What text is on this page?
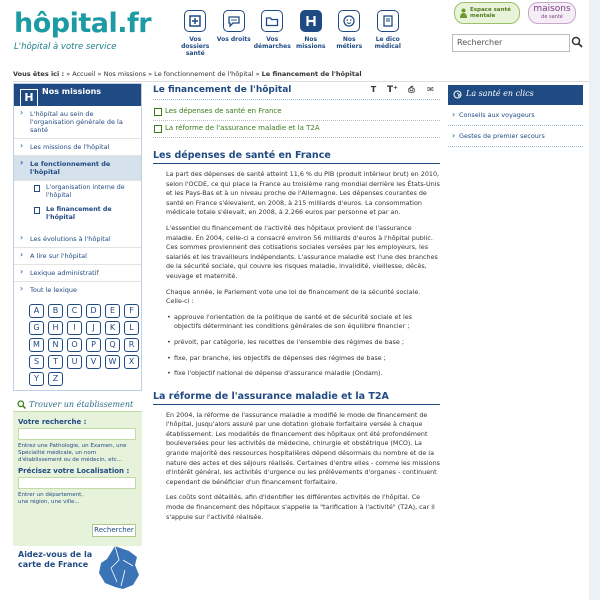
hôpital.fr
L'hôpital à votre service
Vos dossiers santé
Vos droits	Vos démarches
Nos missions
Nos métiers
Le dico médical
Espace santé mentale
maisons
de santé
Rechercher
Vous êtes ici : » Accueil » Nos missions » Le fonctionnement de l'hôpital » Le financement de l'hôpital
H	Nos missions
› L'hôpital au sein de l'organisation générale de la santé
› Les missions de l'hôpital
› Le fonctionnement de l'hôpital
L'organisation interne de l'hôpital
Le financement de l'hôpital
› Les évolutions à l'hôpital
› A lire sur l'hôpital
› Lexique administratif
› Tout le lexique
A	B	C	D	E	F
G	H	I	J	K	L
M	N	O	P	Q	R
S	T	U	V	W	X
Y	Z
Trouver un établissement
Votre recherche :
Entrez une Pathologie, un Examen, une Spécialité médicale, un nom d'établissement ou de médecin, etc...
Précisez votre Localisation :
Entrer un département, une région, une ville...
Rechercher
Aidez-vous de la carte de France
Le financement de l'hôpital	T	T⁺ ⎙ ✉
Les dépenses de santé en France
La réforme de l'assurance maladie et la T2A
Les dépenses de santé en France
La part des dépenses de santé atteint 11,6 % du PIB (produit intérieur brut) en 2010, selon l'OCDE, ce qui place la France au troisième rang mondial derrière les États-Unis et les Pays-Bas et à un niveau proche de l'Allemagne. Les dépenses courantes de santé en France s'élevaient, en 2008, à 215 milliards d'euros. La consommation médicale totale s'élevait, en 2008, à 2.266 euros par personne et par an.
L'essentiel du financement de l'activité des hôpitaux provient de l'assurance maladie. En 2004, celle-ci a consacré environ 56 milliards d'euros à l'hôpital public. Ces sommes proviennent des cotisations sociales versées par les employeurs, les salariés et les travailleurs indépendants. L'assurance maladie est l'une des branches de la sécurité sociale, qui couvre les risques maladie, invalidité, vieillesse, décès, veuvage et maternité.
Chaque année, le Parlement vote une loi de financement de la sécurité sociale. Celle-ci :
• approuve l'orientation de la politique de santé et de sécurité sociale et les objectifs déterminant les conditions générales de son équilibre financier ;
• prévoit, par catégorie, les recettes de l'ensemble des régimes de base ;
• fixe, par branche, les objectifs de dépenses des régimes de base ;
• fixe l'objectif national de dépense d'assurance maladie (Ondam).
La réforme de l'assurance maladie et la T2A
En 2004, la réforme de l'assurance maladie a modifié le mode de financement de l'hôpital, jusqu'alors assuré par une dotation globale forfaitaire versée à chaque établissement. Les modalités de financement des hôpitaux ont été profondément bouleversées pour les activités de médecine, chirurgie et obstétrique (MCO). La grande majorité des ressources hospitalières dépend désormais du nombre et de la nature des actes et des séjours réalisés. Certaines d'entre elles - comme les missions d'intérêt général, les activités d'urgence ou les prélèvements d'organes - continuent cependant de bénéficier d'un financement forfaitaire.
Les coûts sont détaillés, afin d'identifier les différentes activités de l'hôpital. Ce mode de financement des hôpitaux s'appelle la "tarification à l'activité" (T2A), car il s'appuie sur l'activité réalisée.
La santé en clics
› Conseils aux voyageurs
› Gestes de premier secours
